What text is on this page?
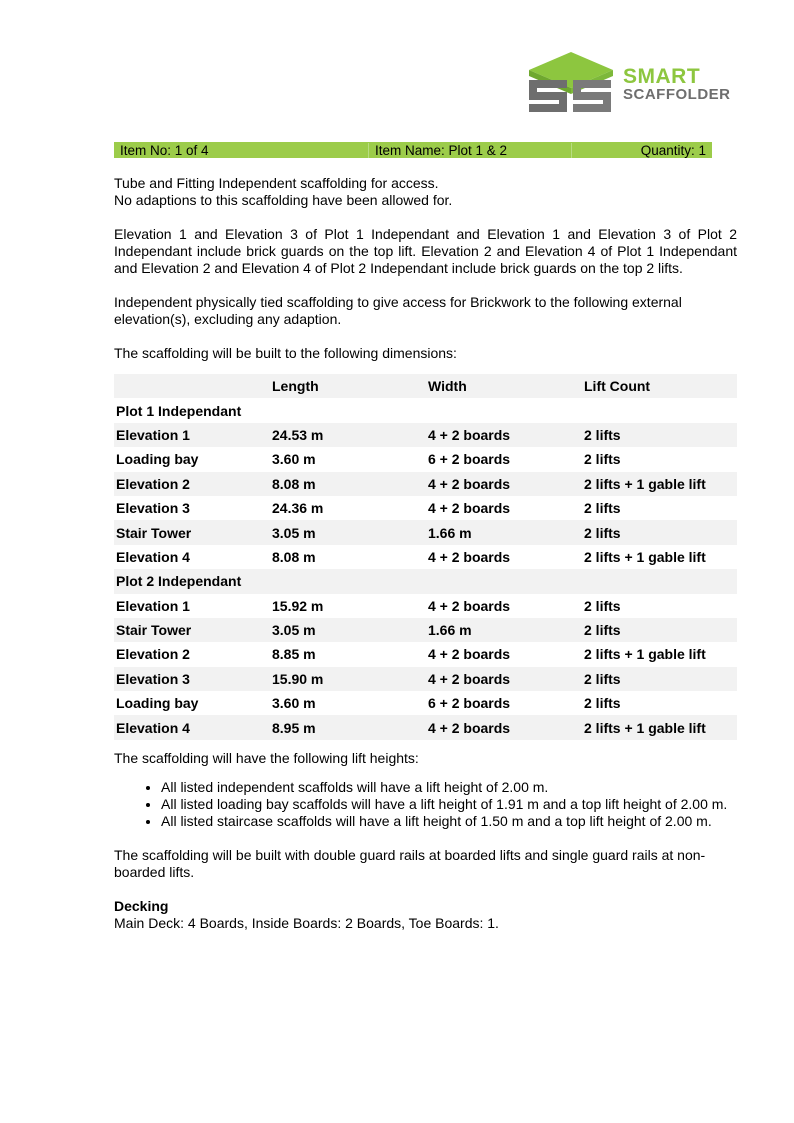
SMART
SCAFFOLDER
Item No: 1 of 4	Item Name: Plot 1 & 2	Quantity: 1

Tube and Fitting Independent scaffolding for access.

No adaptions to this scaffolding have been allowed for.

Elevation 1 and Elevation 3 of Plot 1 Independant and Elevation 1 and Elevation 3 of Plot 2 Independant include brick guards on the top lift. Elevation 2 and Elevation 4 of Plot 1 Independant and Elevation 2 and Elevation 4 of Plot 2 Independant include brick guards on the top 2 lifts.

Independent physically tied scaffolding to give access for Brickwork to the following external elevation(s), excluding any adaption.

The scaffolding will be built to the following dimensions:

	Length	Width	Lift Count
Plot 1 Independant			
Elevation 1	24.53 m	4 + 2 boards	2 lifts
Loading bay	3.60 m	6 + 2 boards	2 lifts
Elevation 2	8.08 m	4 + 2 boards	2 lifts + 1 gable lift
Elevation 3	24.36 m	4 + 2 boards	2 lifts
Stair Tower	3.05 m	1.66 m	2 lifts
Elevation 4	8.08 m	4 + 2 boards	2 lifts + 1 gable lift
Plot 2 Independant			
Elevation 1	15.92 m	4 + 2 boards	2 lifts
Stair Tower	3.05 m	1.66 m	2 lifts
Elevation 2	8.85 m	4 + 2 boards	2 lifts + 1 gable lift
Elevation 3	15.90 m	4 + 2 boards	2 lifts
Loading bay	3.60 m	6 + 2 boards	2 lifts
Elevation 4	8.95 m	4 + 2 boards	2 lifts + 1 gable lift

The scaffolding will have the following lift heights:

• All listed independent scaffolds will have a lift height of 2.00 m.
• All listed loading bay scaffolds will have a lift height of 1.91 m and a top lift height of 2.00 m.
• All listed staircase scaffolds will have a lift height of 1.50 m and a top lift height of 2.00 m.

The scaffolding will be built with double guard rails at boarded lifts and single guard rails at non-boarded lifts.

Decking

Main Deck: 4 Boards, Inside Boards: 2 Boards, Toe Boards: 1.
